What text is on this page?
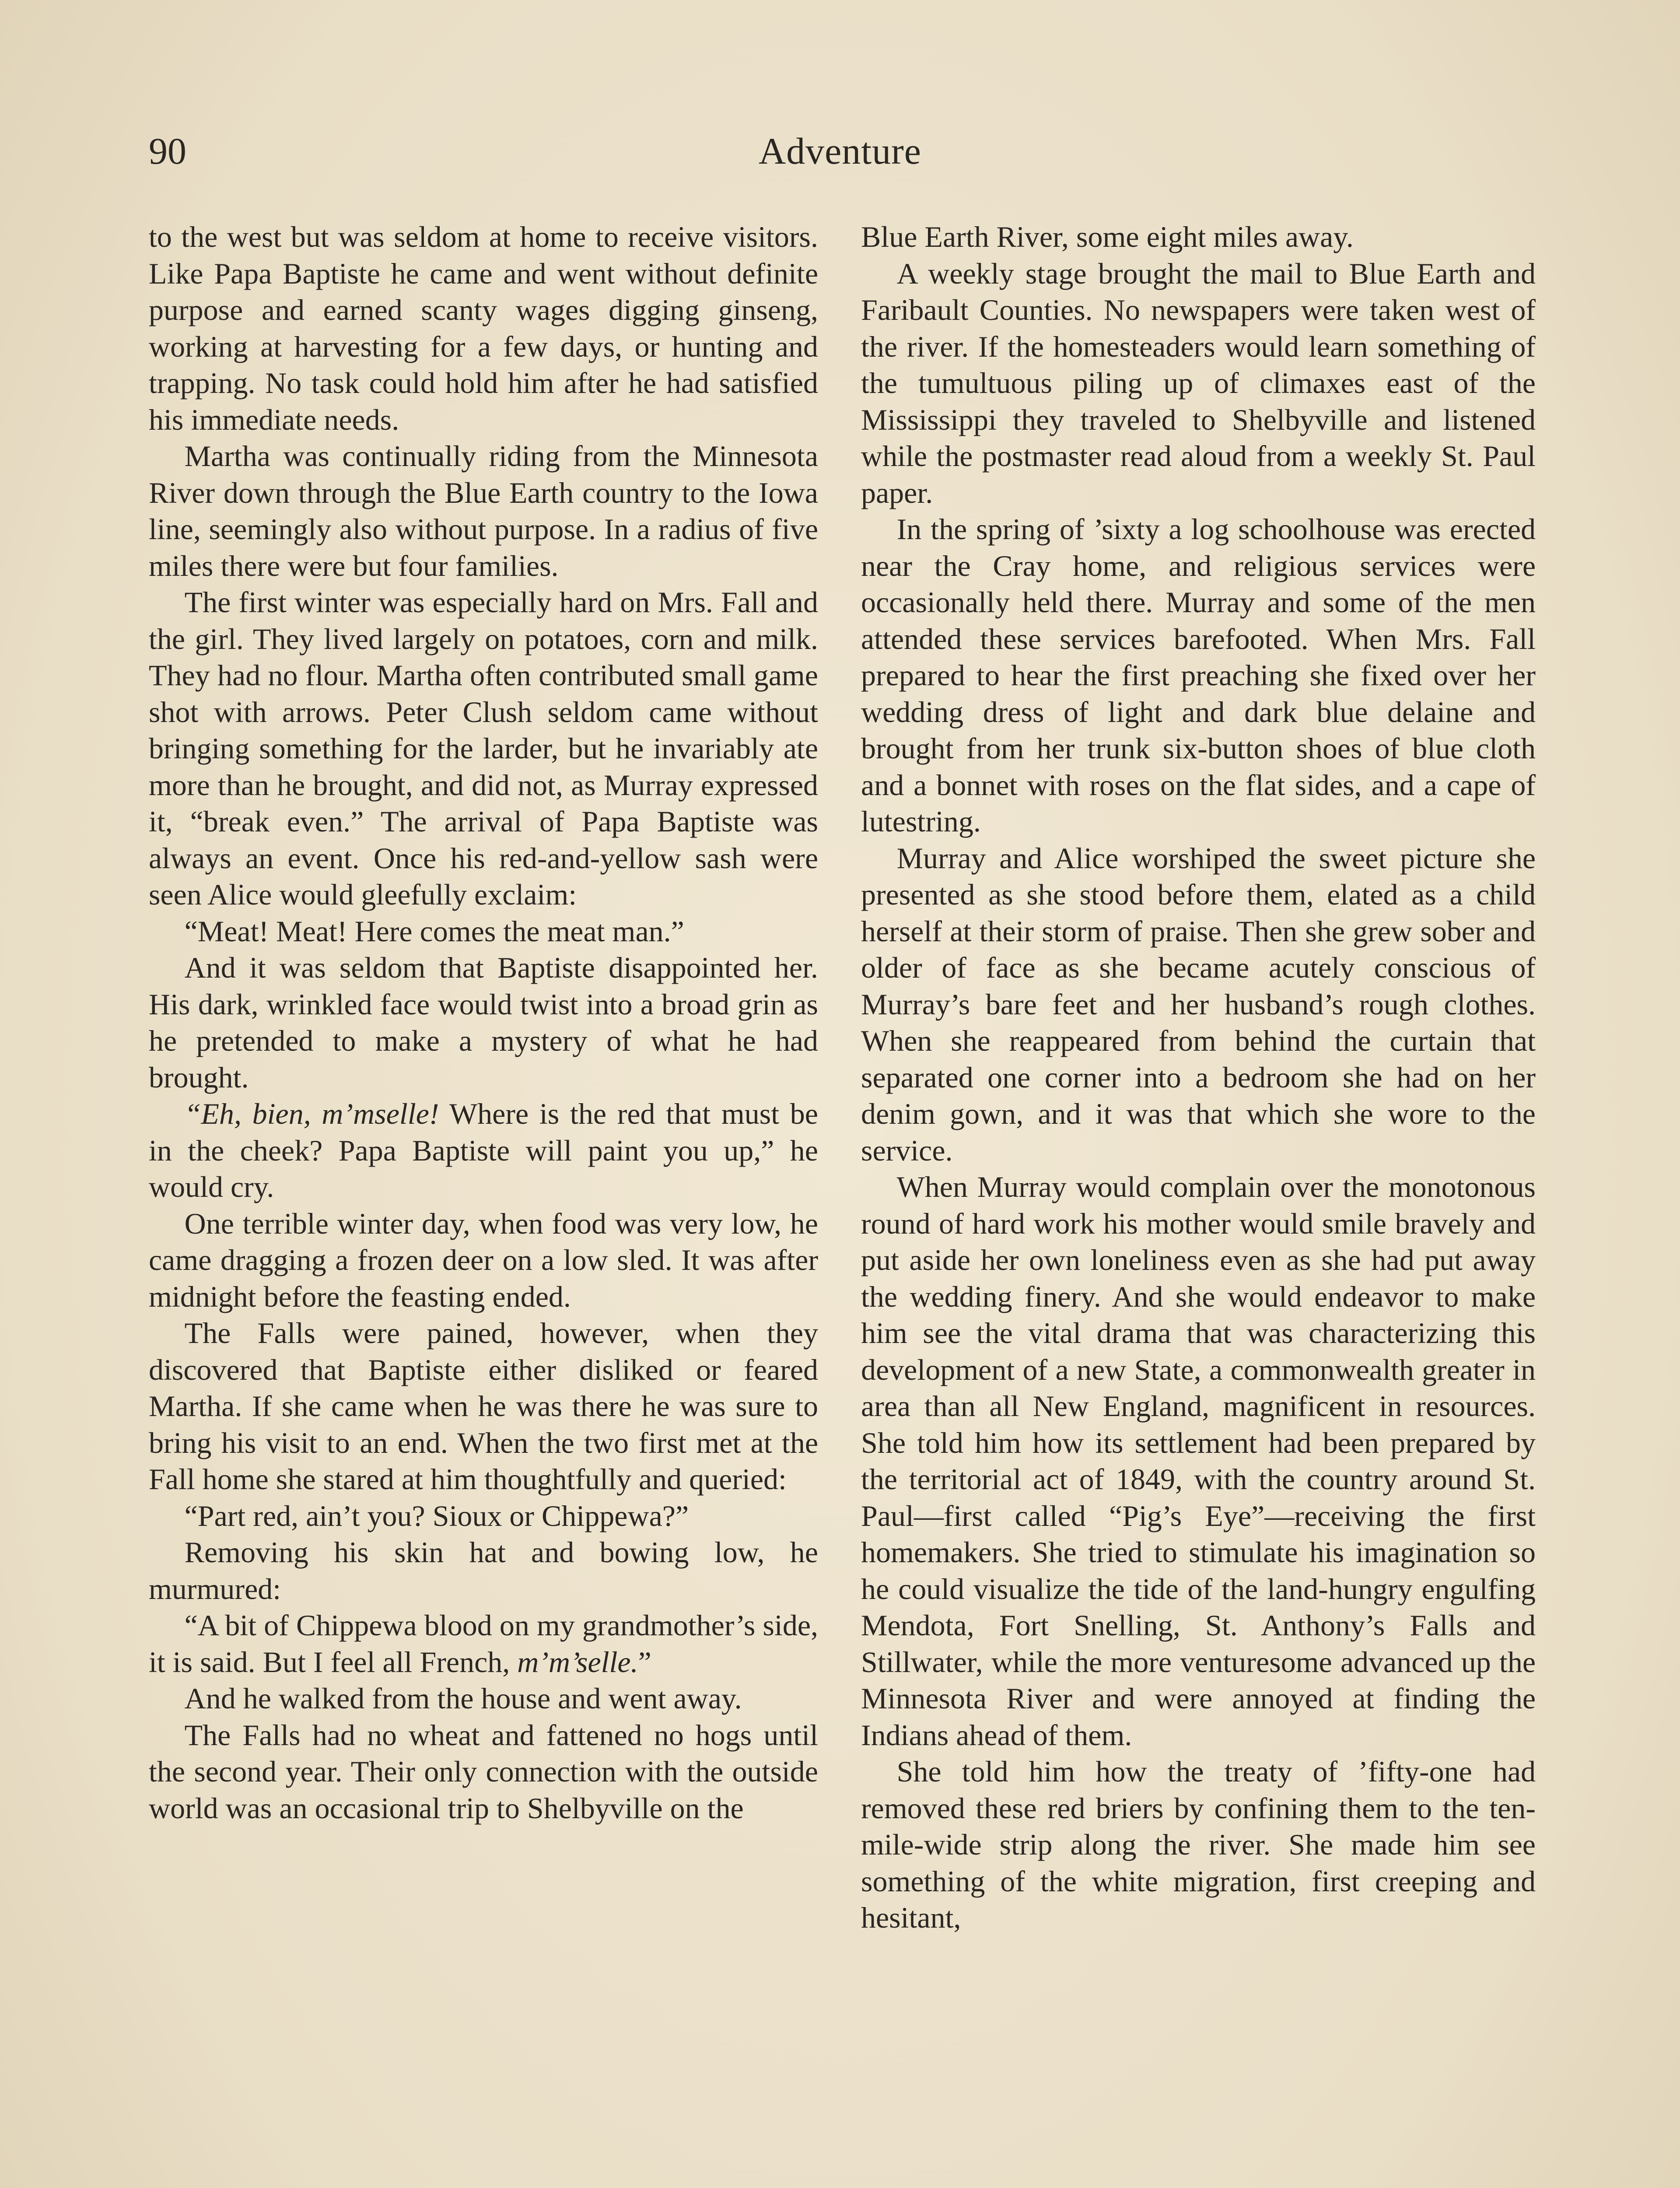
90	Adventure

to the west but was seldom at home to receive visitors. Like Papa Baptiste he came and went without definite purpose and earned scanty wages digging ginseng, working at harvesting for a few days, or hunting and trapping. No task could hold him after he had satisfied his immediate needs.

Martha was continually riding from the Minnesota River down through the Blue Earth country to the Iowa line, seemingly also without purpose. In a radius of five miles there were but four families.

The first winter was especially hard on Mrs. Fall and the girl. They lived largely on potatoes, corn and milk. They had no flour. Martha often contributed small game shot with arrows. Peter Clush seldom came without bringing something for the larder, but he invariably ate more than he brought, and did not, as Murray expressed it, “break even.” The arrival of Papa Baptiste was always an event. Once his red-and-yellow sash were seen Alice would gleefully exclaim:

“Meat! Meat! Here comes the meat man.”

And it was seldom that Baptiste disappointed her. His dark, wrinkled face would twist into a broad grin as he pretended to make a mystery of what he had brought.

“Eh, bien, m’mselle! Where is the red that must be in the cheek? Papa Baptiste will paint you up,” he would cry.

One terrible winter day, when food was very low, he came dragging a frozen deer on a low sled. It was after midnight before the feasting ended.

The Falls were pained, however, when they discovered that Baptiste either disliked or feared Martha. If she came when he was there he was sure to bring his visit to an end. When the two first met at the Fall home she stared at him thoughtfully and queried:

“Part red, ain’t you? Sioux or Chippewa?”

Removing his skin hat and bowing low, he murmured:

“A bit of Chippewa blood on my grandmother’s side, it is said. But I feel all French, m’m’selle.”

And he walked from the house and went away.

The Falls had no wheat and fattened no hogs until the second year. Their only connection with the outside world was an occasional trip to Shelbyville on the

Blue Earth River, some eight miles away.

A weekly stage brought the mail to Blue Earth and Faribault Counties. No newspapers were taken west of the river. If the homesteaders would learn something of the tumultuous piling up of climaxes east of the Mississippi they traveled to Shelbyville and listened while the postmaster read aloud from a weekly St. Paul paper.

In the spring of ’sixty a log schoolhouse was erected near the Cray home, and religious services were occasionally held there. Murray and some of the men attended these services barefooted. When Mrs. Fall prepared to hear the first preaching she fixed over her wedding dress of light and dark blue delaine and brought from her trunk six-button shoes of blue cloth and a bonnet with roses on the flat sides, and a cape of lutestring.

Murray and Alice worshiped the sweet picture she presented as she stood before them, elated as a child herself at their storm of praise. Then she grew sober and older of face as she became acutely conscious of Murray’s bare feet and her husband’s rough clothes. When she reappeared from behind the curtain that separated one corner into a bedroom she had on her denim gown, and it was that which she wore to the service.

When Murray would complain over the monotonous round of hard work his mother would smile bravely and put aside her own loneliness even as she had put away the wedding finery. And she would endeavor to make him see the vital drama that was characterizing this development of a new State, a commonwealth greater in area than all New England, magnificent in resources. She told him how its settlement had been prepared by the territorial act of 1849, with the country around St. Paul—first called “Pig’s Eye”—receiving the first homemakers. She tried to stimulate his imagination so he could visualize the tide of the land-hungry engulfing Mendota, Fort Snelling, St. Anthony’s Falls and Stillwater, while the more venturesome advanced up the Minnesota River and were annoyed at finding the Indians ahead of them.

She told him how the treaty of ’fifty-one had removed these red briers by confining them to the ten-mile-wide strip along the river. She made him see something of the white migration, first creeping and hesitant,
